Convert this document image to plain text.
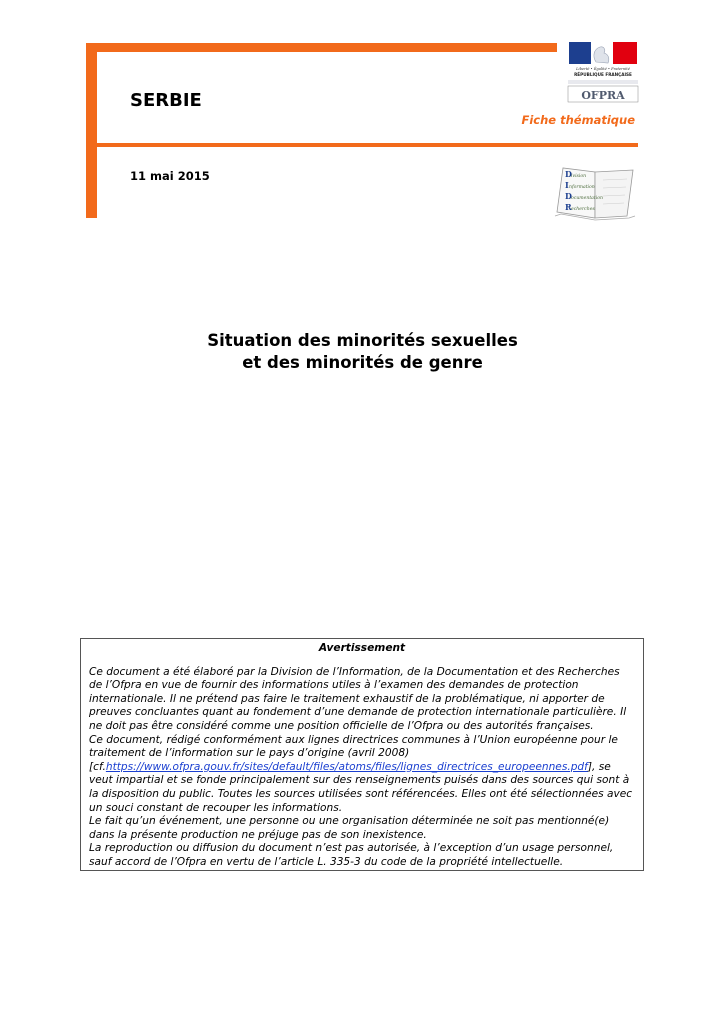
Liberté • Égalité • Fraternité
RÉPUBLIQUE FRANÇAISE
OFPRA
SERBIE
Fiche thématique
11 mai 2015	D ivision
I nformation
D ocumentation
R echerches
Situation des minorités sexuelles
et des minorités de genre
Avertissement

Ce document a été élaboré par la Division de l’Information, de la Documentation et des Recherches de l’Ofpra en vue de fournir des informations utiles à l’examen des demandes de protection internationale. Il ne prétend pas faire le traitement exhaustif de la problématique, ni apporter de preuves concluantes quant au fondement d’une demande de protection internationale particulière. Il ne doit pas être considéré comme une position officielle de l’Ofpra ou des autorités françaises.

Ce document, rédigé conformément aux lignes directrices communes à l’Union européenne pour le traitement de l’information sur le pays d’origine (avril 2008) [cf.https://www.ofpra.gouv.fr/sites/default/files/atoms/files/lignes_directrices_europeennes.pdf], se veut impartial et se fonde principalement sur des renseignements puisés dans des sources qui sont à la disposition du public. Toutes les sources utilisées sont référencées. Elles ont été sélectionnées avec un souci constant de recouper les informations.

Le fait qu’un événement, une personne ou une organisation déterminée ne soit pas mentionné(e) dans la présente production ne préjuge pas de son inexistence.

La reproduction ou diffusion du document n’est pas autorisée, à l’exception d’un usage personnel, sauf accord de l’Ofpra en vertu de l’article L. 335-3 du code de la propriété intellectuelle.
